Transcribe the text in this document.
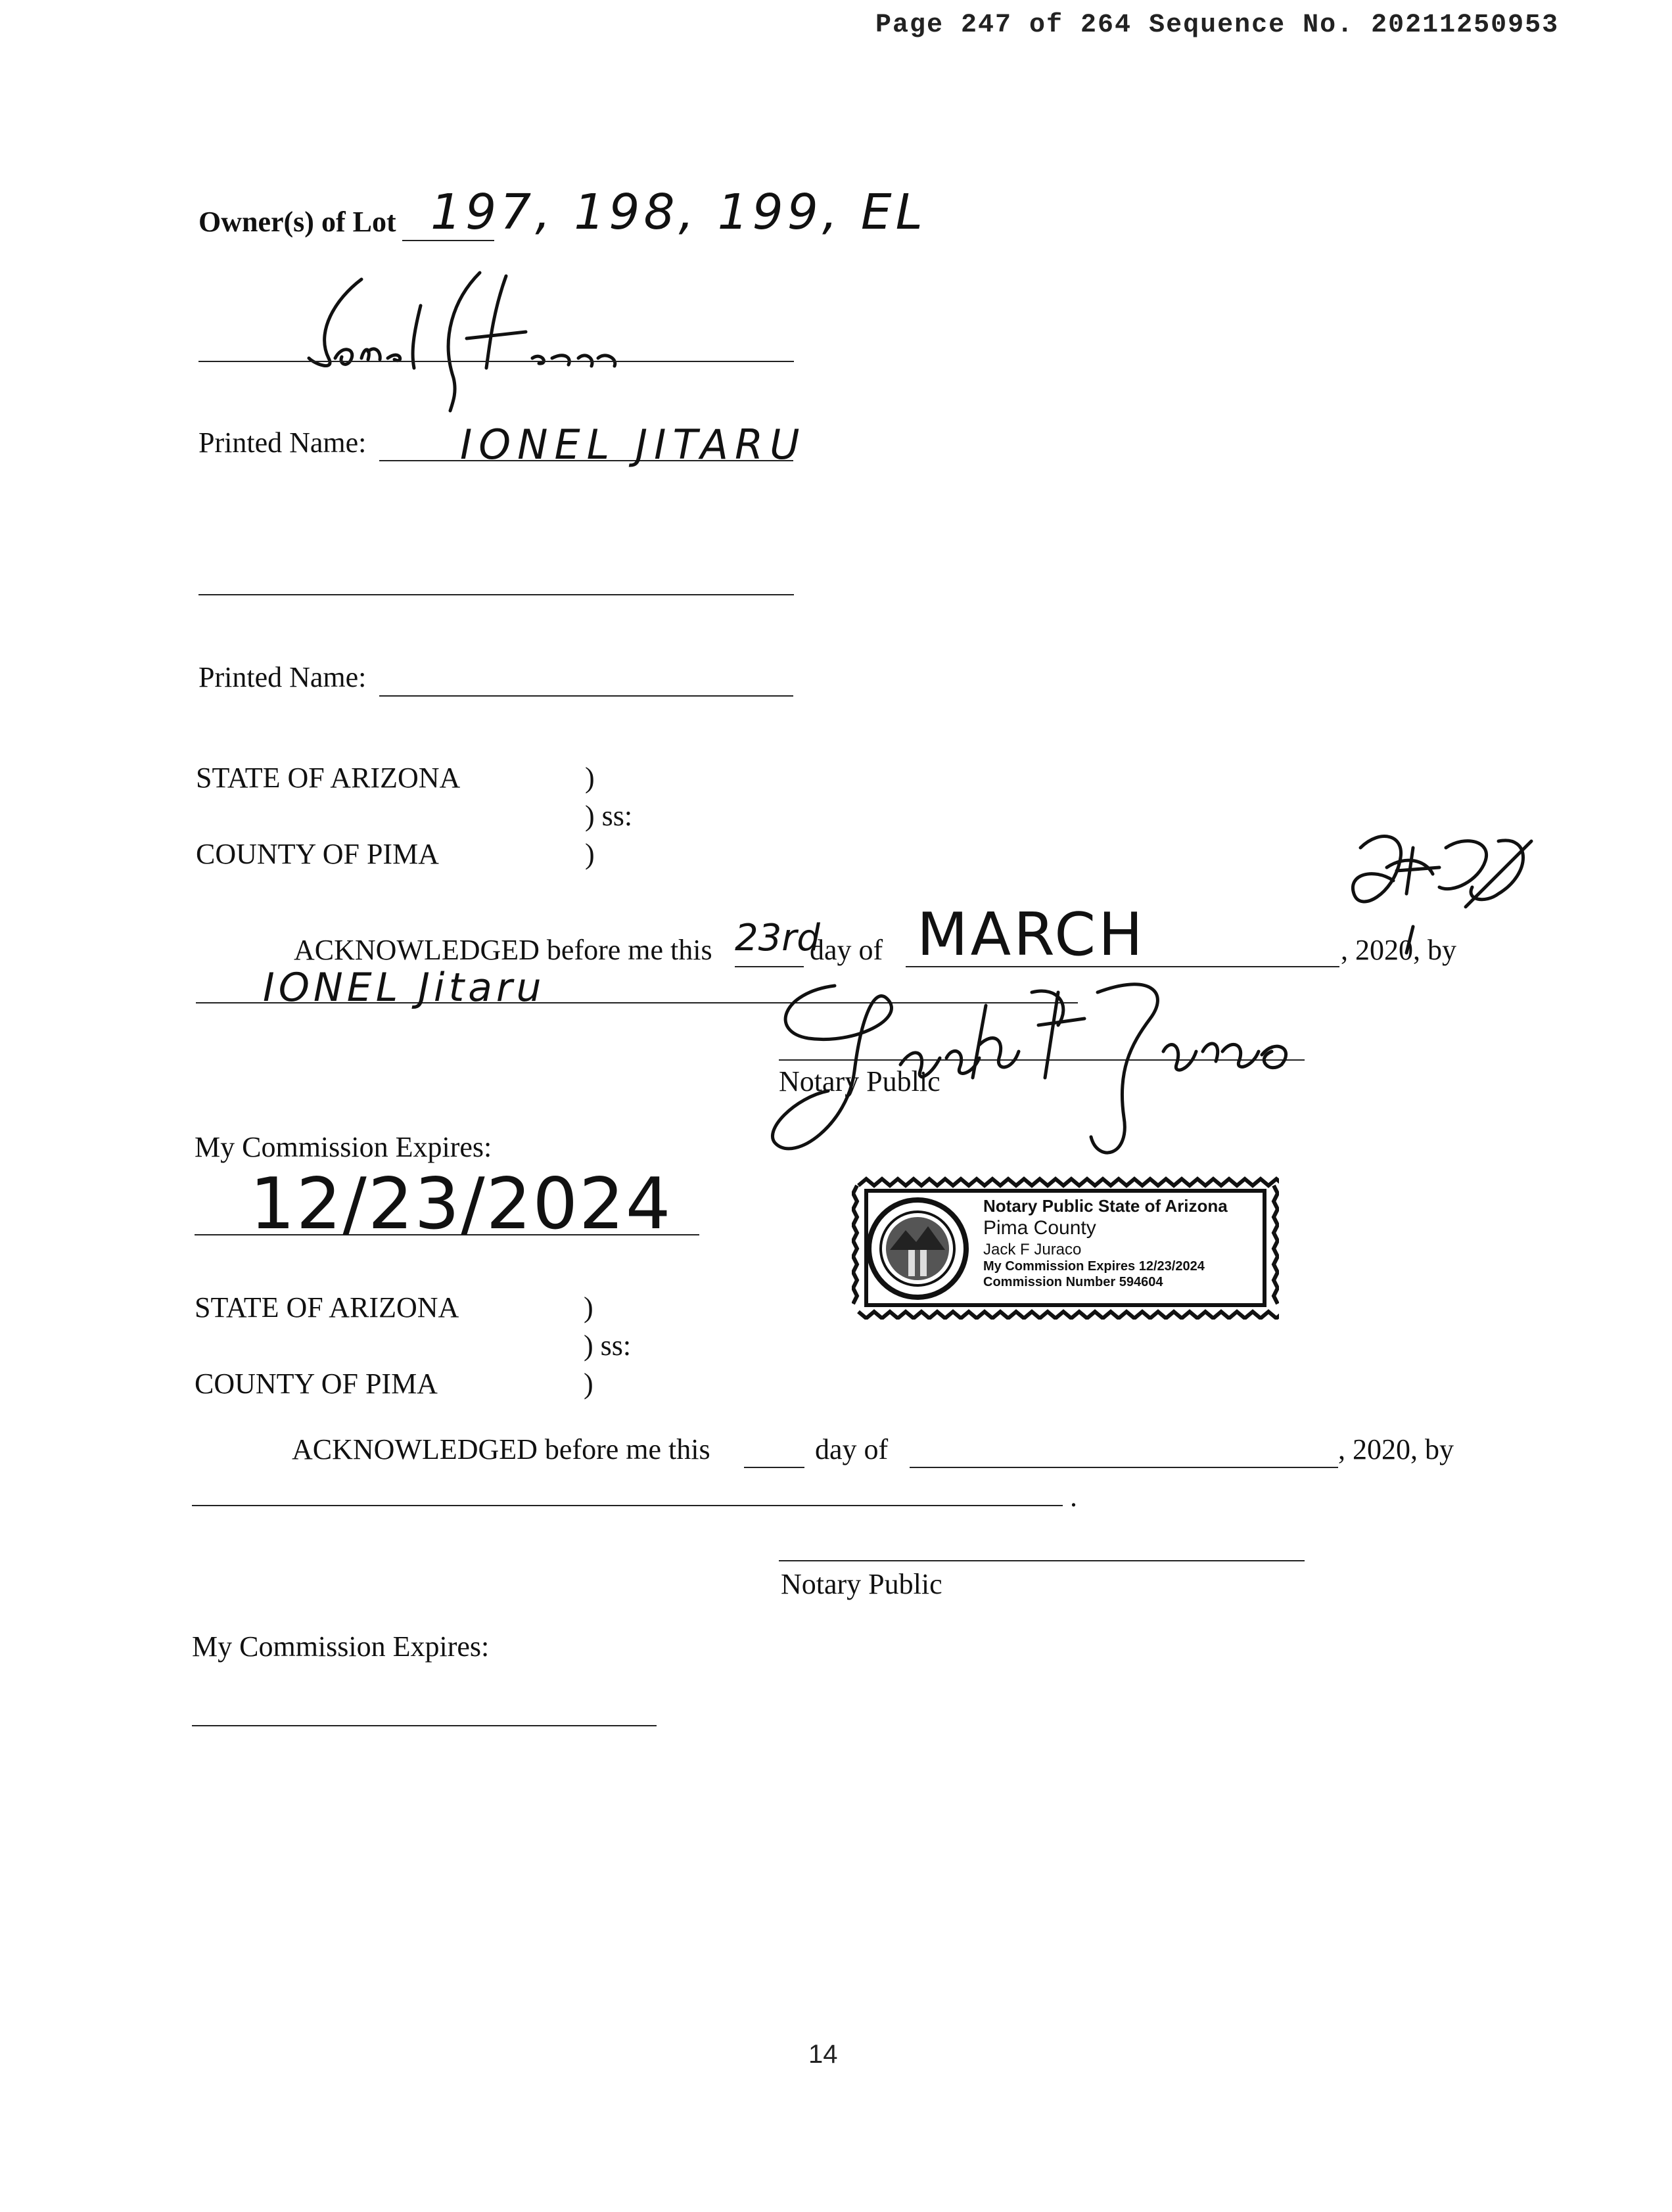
Page 247 of 264 Sequence No. 20211250953
Owner(s) of Lot 197, 198, 199, EL
Printed Name: IONEL JITARU
Printed Name:
STATE OF ARIZONA	)
) ss:
COUNTY OF PIMA	)
ACKNOWLEDGED before me this 23rd
day of MARCH	, 2020, by
IONEL Jitaru
Notary Public
My Commission Expires:
12/23/2024	Notary Public State of Arizona
Pima County
Jack F Juraco
My Commission Expires 12/23/2024
Commission Number 594604
STATE OF ARIZONA	)
) ss:
COUNTY OF PIMA	)
ACKNOWLEDGED before me this	day of	, 2020, by
.
Notary Public
My Commission Expires:
14
